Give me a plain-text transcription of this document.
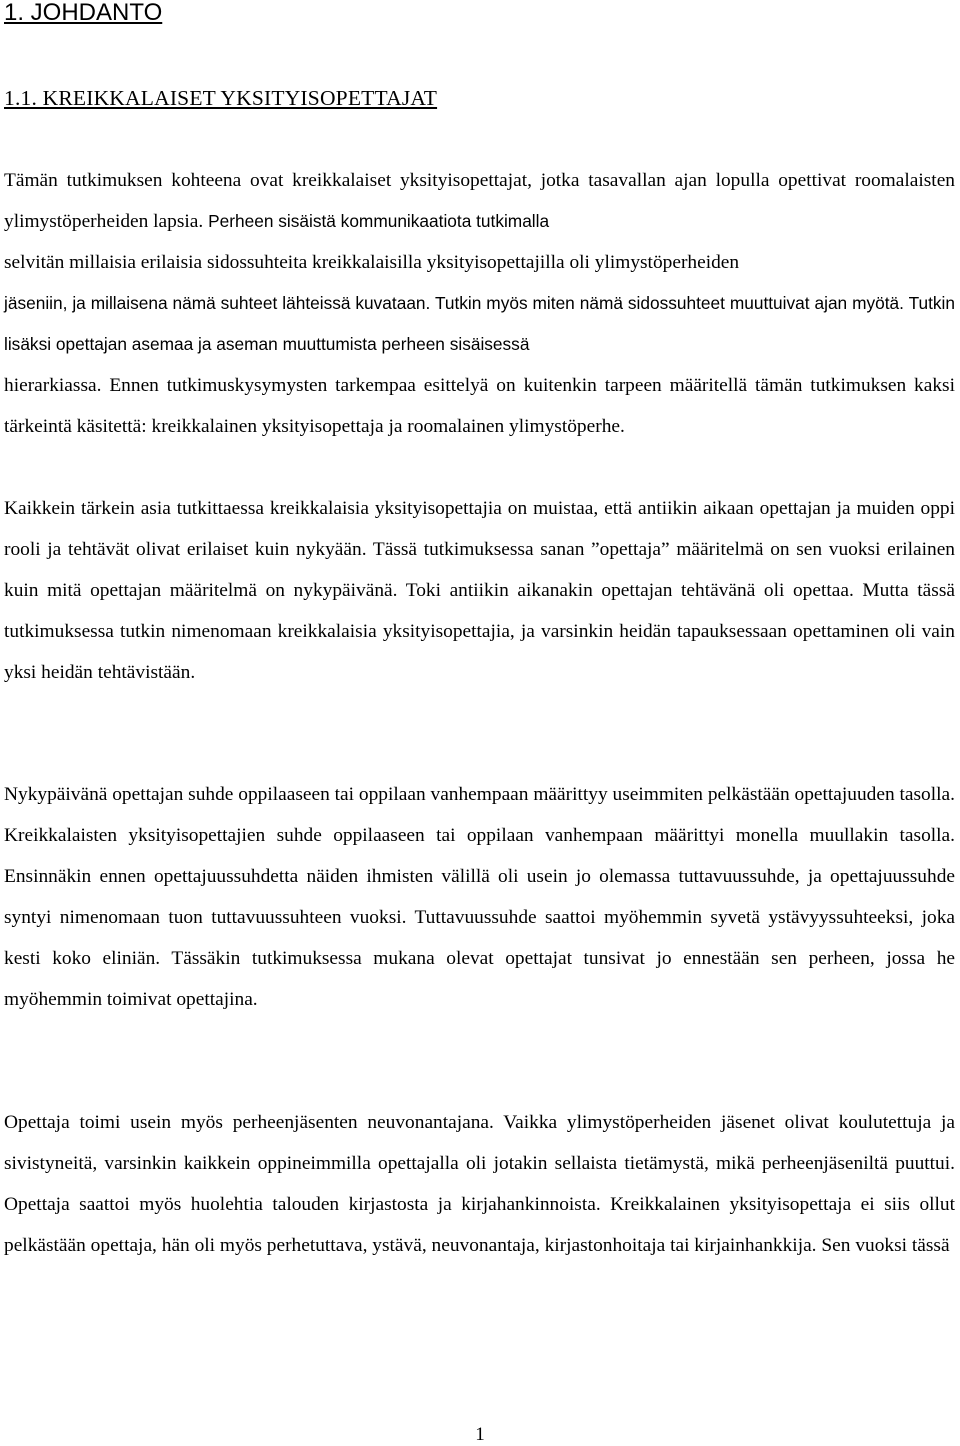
1. JOHDANTO
1.1. KREIKKALAISET YKSITYISOPETTAJAT

Tämän tutkimuksen kohteena ovat kreikkalaiset yksityisopettajat, jotka tasavallan ajan lopulla opettivat roomalaisten ylimystöperheiden lapsia. Perheen sisäistä kommunikaatiota tutkimalla
selvitän millaisia erilaisia sidossuhteita kreikkalaisilla yksityisopettajilla oli ylimystöperheiden
jäseniin, ja millaisena nämä suhteet lähteissä kuvataan. Tutkin myös miten nämä sidossuhteet muuttuivat ajan myötä. Tutkin lisäksi opettajan asemaa ja aseman muuttumista perheen sisäisessä
hierarkiassa. Ennen tutkimuskysymysten tarkempaa esittelyä on kuitenkin tarpeen määritellä tämän tutkimuksen kaksi tärkeintä käsitettä: kreikkalainen yksityisopettaja ja roomalainen ylimystöperhe.

Kaikkein tärkein asia tutkittaessa kreikkalaisia yksityisopettajia on muistaa, että antiikin aikaan opettajan ja muiden oppi rooli ja tehtävät olivat erilaiset kuin nykyään. Tässä tutkimuksessa sanan ”opettaja” määritelmä on sen vuoksi erilainen kuin mitä opettajan määritelmä on nykypäivänä. Toki antiikin aikanakin opettajan tehtävänä oli opettaa. Mutta tässä tutkimuksessa tutkin nimenomaan kreikkalaisia yksityisopettajia, ja varsinkin heidän tapauksessaan opettaminen oli vain yksi heidän tehtävistään.

Nykypäivänä opettajan suhde oppilaaseen tai oppilaan vanhempaan määrittyy useimmiten pelkästään opettajuuden tasolla. Kreikkalaisten yksityisopettajien suhde oppilaaseen tai oppilaan vanhempaan määrittyi monella muullakin tasolla. Ensinnäkin ennen opettajuussuhdetta näiden ihmisten välillä oli usein jo olemassa tuttavuussuhde, ja opettajuussuhde syntyi nimenomaan tuon tuttavuussuhteen vuoksi. Tuttavuussuhde saattoi myöhemmin syvetä ystävyyssuhteeksi, joka kesti koko eliniän. Tässäkin tutkimuksessa mukana olevat opettajat tunsivat jo ennestään sen perheen, jossa he myöhemmin toimivat opettajina.

Opettaja toimi usein myös perheenjäsenten neuvonantajana. Vaikka ylimystöperheiden jäsenet olivat koulutettuja ja sivistyneitä, varsinkin kaikkein oppineimmilla opettajalla oli jotakin sellaista tietämystä, mikä perheenjäseniltä puuttui. Opettaja saattoi myös huolehtia talouden kirjastosta ja kirjahankinnoista. Kreikkalainen yksityisopettaja ei siis ollut pelkästään opettaja, hän oli myös perhetuttava, ystävä, neuvonantaja, kirjastonhoitaja tai kirjainhankkija. Sen vuoksi tässä

1
